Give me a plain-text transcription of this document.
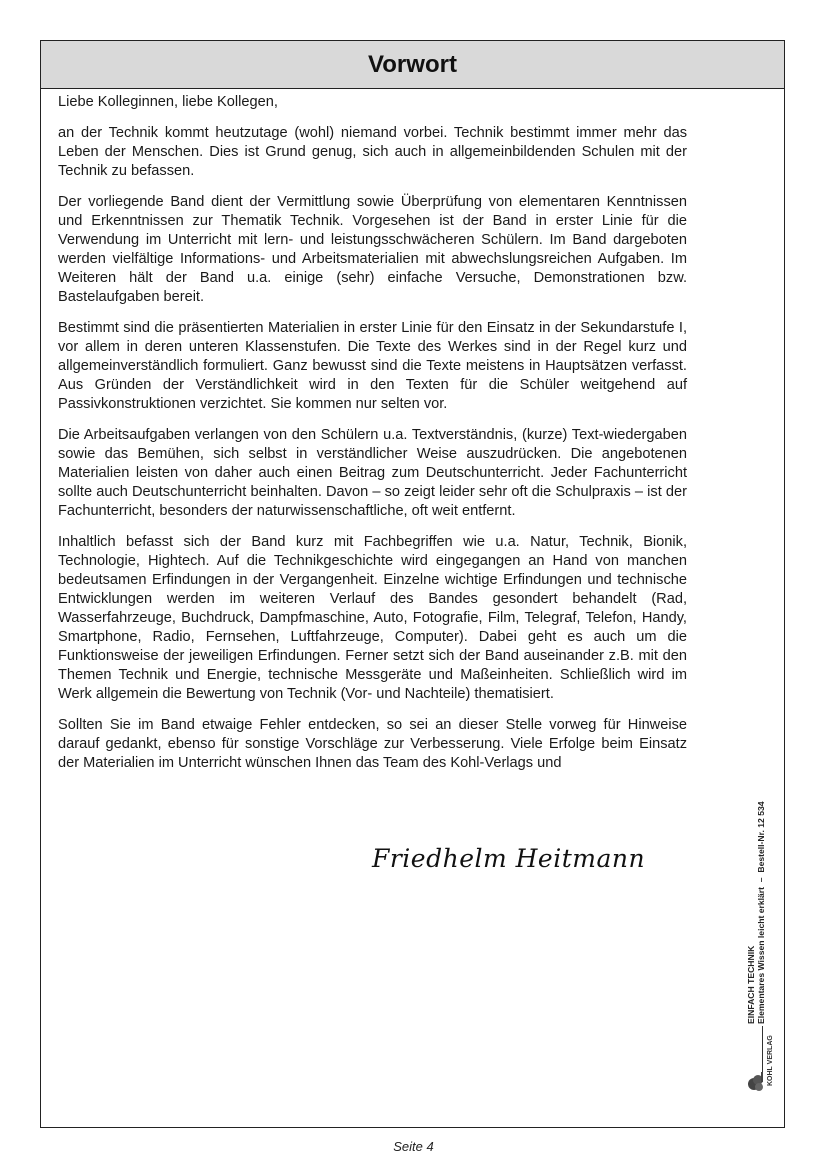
Vorwort

Liebe Kolleginnen, liebe Kollegen,

an der Technik kommt heutzutage (wohl) niemand vorbei. Technik bestimmt immer mehr das Leben der Menschen. Dies ist Grund genug, sich auch in allgemeinbildenden Schulen mit der Technik zu befassen.

Der vorliegende Band dient der Vermittlung sowie Überprüfung von elementaren Kenntnissen und Erkenntnissen zur Thematik Technik. Vorgesehen ist der Band in erster Linie für die Verwendung im Unterricht mit lern- und leistungsschwächeren Schülern. Im Band dargeboten werden vielfältige Informations- und Arbeitsmaterialien mit abwechslungsreichen Aufgaben. Im Weiteren hält der Band u.a. einige (sehr) einfache Versuche, Demonstrationen bzw. Bastelaufgaben bereit.

Bestimmt sind die präsentierten Materialien in erster Linie für den Einsatz in der Sekundarstufe I, vor allem in deren unteren Klassenstufen. Die Texte des Werkes sind in der Regel kurz und allgemeinverständlich formuliert. Ganz bewusst sind die Texte meistens in Hauptsätzen verfasst. Aus Gründen der Verständlichkeit wird in den Texten für die Schüler weitgehend auf Passivkonstruktionen verzichtet. Sie kommen nur selten vor.

Die Arbeitsaufgaben verlangen von den Schülern u.a. Textverständnis, (kurze) Text-wiedergaben sowie das Bemühen, sich selbst in verständlicher Weise auszudrücken. Die angebotenen Materialien leisten von daher auch einen Beitrag zum Deutschunterricht. Jeder Fachunterricht sollte auch Deutschunterricht beinhalten. Davon – so zeigt leider sehr oft die Schulpraxis – ist der Fachunterricht, besonders der naturwissenschaftliche, oft weit entfernt.

Inhaltlich befasst sich der Band kurz mit Fachbegriffen wie u.a. Natur, Technik, Bionik, Technologie, Hightech. Auf die Technikgeschichte wird eingegangen an Hand von manchen bedeutsamen Erfindungen in der Vergangenheit. Einzelne wichtige Erfindungen und technische Entwicklungen werden im weiteren Verlauf des Bandes gesondert behandelt (Rad, Wasserfahrzeuge, Buchdruck, Dampfmaschine, Auto, Fotografie, Film, Telegraf, Telefon, Handy, Smartphone, Radio, Fernsehen, Luftfahrzeuge, Computer). Dabei geht es auch um die Funktionsweise der jeweiligen Erfindungen. Ferner setzt sich der Band auseinander z.B. mit den Themen Technik und Energie, technische Messgeräte und Maßeinheiten. Schließlich wird im Werk allgemein die Bewertung von Technik (Vor- und Nachteile) thematisiert.

Sollten Sie im Band etwaige Fehler entdecken, so sei an dieser Stelle vorweg für Hinweise darauf gedankt, ebenso für sonstige Vorschläge zur Verbesserung. Viele Erfolge beim Einsatz der Materialien im Unterricht wünschen Ihnen das Team des Kohl-Verlags und

Friedhelm Heitmann
EINFACH TECHNIK Elementares Wissen leicht erklärt  –  Bestell-Nr. 12 534
KOHL VERLAG
Seite 4
